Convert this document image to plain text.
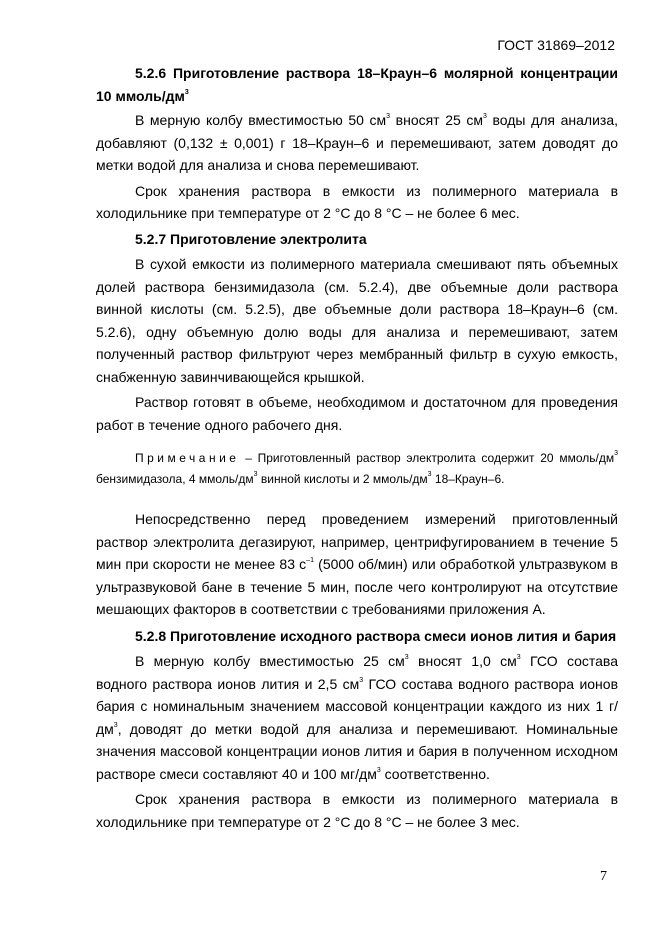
ГОСТ 31869–2012

5.2.6 Приготовление раствора 18–Краун–6 молярной концентрации 10 ммоль/$дм^3$

В мерную колбу вместимостью 50 $см^3$ вносят 25 $см^3$ воды для анализа, добавляют (0,132 ± 0,001) г 18–Краун–6 и перемешивают, затем доводят до метки водой для анализа и снова перемешивают.

Срок хранения раствора в емкости из полимерного материала в холодильнике при температуре от 2 °С до 8 °С – не более 6 мес.

5.2.7 Приготовление электролита

В сухой емкости из полимерного материала смешивают пять объемных долей раствора бензимидазола (см. 5.2.4), две объемные доли раствора винной кислоты (см. 5.2.5), две объемные доли раствора 18–Краун–6 (см. 5.2.6), одну объемную долю воды для анализа и перемешивают, затем полученный раствор фильтруют через мембранный фильтр в сухую емкость, снабженную завинчивающейся крышкой.

Раствор готовят в объеме, необходимом и достаточном для проведения работ в течение одного рабочего дня.

Примечание – Приготовленный раствор электролита содержит 20 ммоль/$дм^3$ бензимидазола, 4 ммоль/$дм^3$ винной кислоты и 2 ммоль/$дм^3$ 18–Краун–6.

Непосредственно перед проведением измерений приготовленный раствор электролита дегазируют, например, центрифугированием в течение 5 мин при скорости не менее 83 $с^{-1}$ (5000 об/мин) или обработкой ультразвуком в ультразвуковой бане в течение 5 мин, после чего контролируют на отсутствие мешающих факторов в соответствии с требованиями приложения А.

5.2.8 Приготовление исходного раствора смеси ионов лития и бария

В мерную колбу вместимостью 25 $см^3$ вносят 1,0 $см^3$ ГСО состава водного раствора ионов лития и 2,5 $см^3$ ГСО состава водного раствора ионов бария с номинальным значением массовой концентрации каждого из них 1 $г/дм^3$, доводят до метки водой для анализа и перемешивают. Номинальные значения массовой концентрации ионов лития и бария в полученном исходном растворе смеси составляют 40 и 100 $мг/дм^3$ соответственно.

Срок хранения раствора в емкости из полимерного материала в холодильнике при температуре от 2 °С до 8 °С – не более 3 мес.

7
